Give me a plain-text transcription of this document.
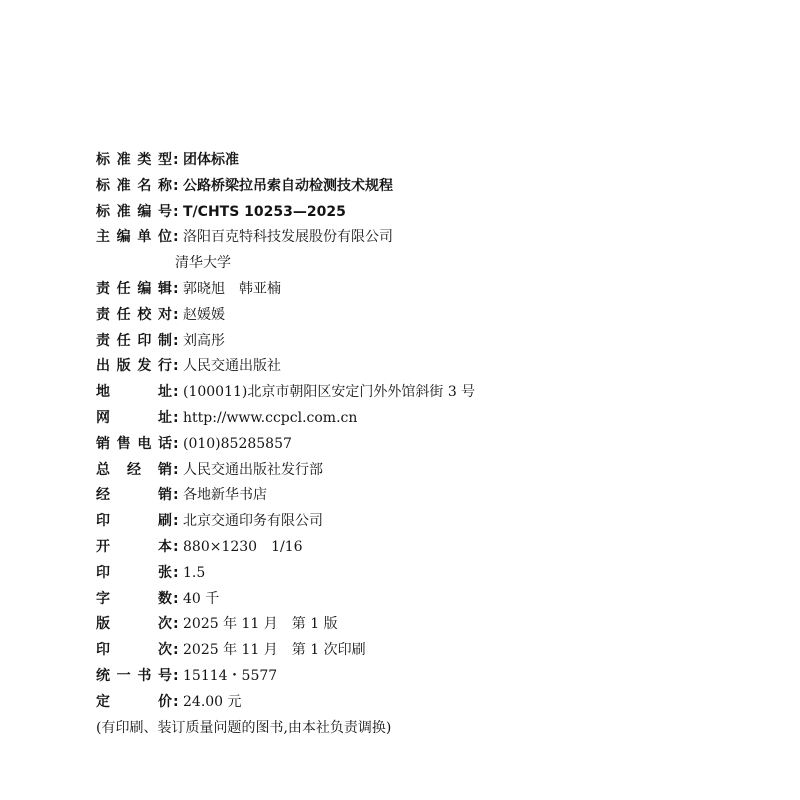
标 准 类 型 : 团体标准
标 准 名 称 : 公路桥梁拉吊索自动检测技术规程
标 准 编 号 : T/CHTS 10253—2025
主 编 单 位 : 洛阳百克特科技发展股份有限公司
清华大学
责 任 编 辑 : 郭晓旭　韩亚楠
责 任 校 对 : 赵媛媛
责 任 印 制 : 刘高彤
出 版 发 行 : 人民交通出版社
地	址 : (100011)北京市朝阳区安定门外外馆斜街 3 号
网	址 : http://www.ccpcl.com.cn
销 售 电 话 : (010)85285857
总 经 销 : 人民交通出版社发行部
经	销 : 各地新华书店
印	刷 : 北京交通印务有限公司
开	本 : 880×1230　1/16
印	张 : 1.5
字	数 : 40 千
版	次 : 2025 年 11 月　第 1 版
印	次 : 2025 年 11 月　第 1 次印刷
统 一 书 号 : 15114・5577
定	价 : 24.00 元
(有印刷、装订质量问题的图书,由本社负责调换)
